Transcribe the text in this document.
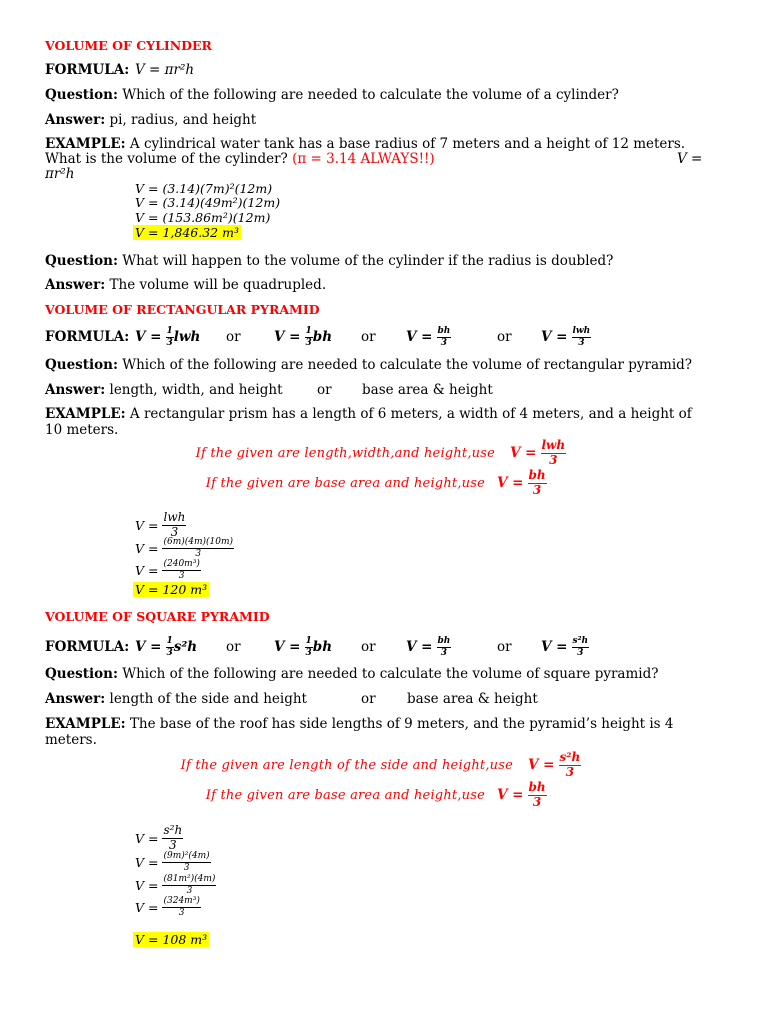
VOLUME OF CYLINDER
FORMULA: V = πr²h
Question: Which of the following are needed to calculate the volume of a cylinder?
Answer: pi, radius, and height
EXAMPLE: A cylindrical water tank has a base radius of 7 meters and a height of 12 meters.
What is the volume of the cylinder? (π = 3.14 ALWAYS!!)	V =
πr²h
V = (3.14)(7m)²(12m)
V = (3.14)(49m²)(12m)
V = (153.86m²)(12m)
V = 1,846.32 m³
Question: What will happen to the volume of the cylinder if the radius is doubled?
Answer: The volume will be quadrupled.
VOLUME OF RECTANGULAR PYRAMID
FORMULA: $V = \frac{1}{3}$ lwh or $V = \frac{1}{3}$ bh or $V = \frac{bh}{3}$	or $V = \frac{\text{lwh}}{3}$
Question: Which of the following are needed to calculate the volume of rectangular pyramid?
Answer: length, width, and height	or base area & height
EXAMPLE: A rectangular prism has a length of 6 meters, a width of 4 meters, and a height of
10 meters.
If the given are length,width,and height,use $V = \frac{\text{lwh}}{3}$
If the given are base area and height,use $V = \frac{bh}{3}$
$V = \frac{\text{lwh}}{3}$
$V = \frac{(6m)(4m)(10m)}{3}$
$V = \frac{\text{(240m³)}}{3}$
V = 120 m³
VOLUME OF SQUARE PYRAMID
FORMULA: $V = \frac{1}{3} s^2h$ or $V = \frac{1}{3}$ bh or $V = \frac{bh}{3}$	or $V = \frac{\text{s²h}}{3}$
Question: Which of the following are needed to calculate the volume of square pyramid?
Answer: length of the side and height	or base area & height
EXAMPLE: The base of the roof has side lengths of 9 meters, and the pyramid’s height is 4
meters.
If the given are length of the side and height,use $V = \frac{\text{s²h}}{3}$
If the given are base area and height,use $V = \frac{bh}{3}$
$V = \frac{\text{s²h}}{3}$
$V = \frac{\text{(9m)²(4m)}}{3}$
$V = \frac{\text{(81m²)(4m)}}{3}$
$V = \frac{\text{(324m³)}}{3}$
V = 108 m³
